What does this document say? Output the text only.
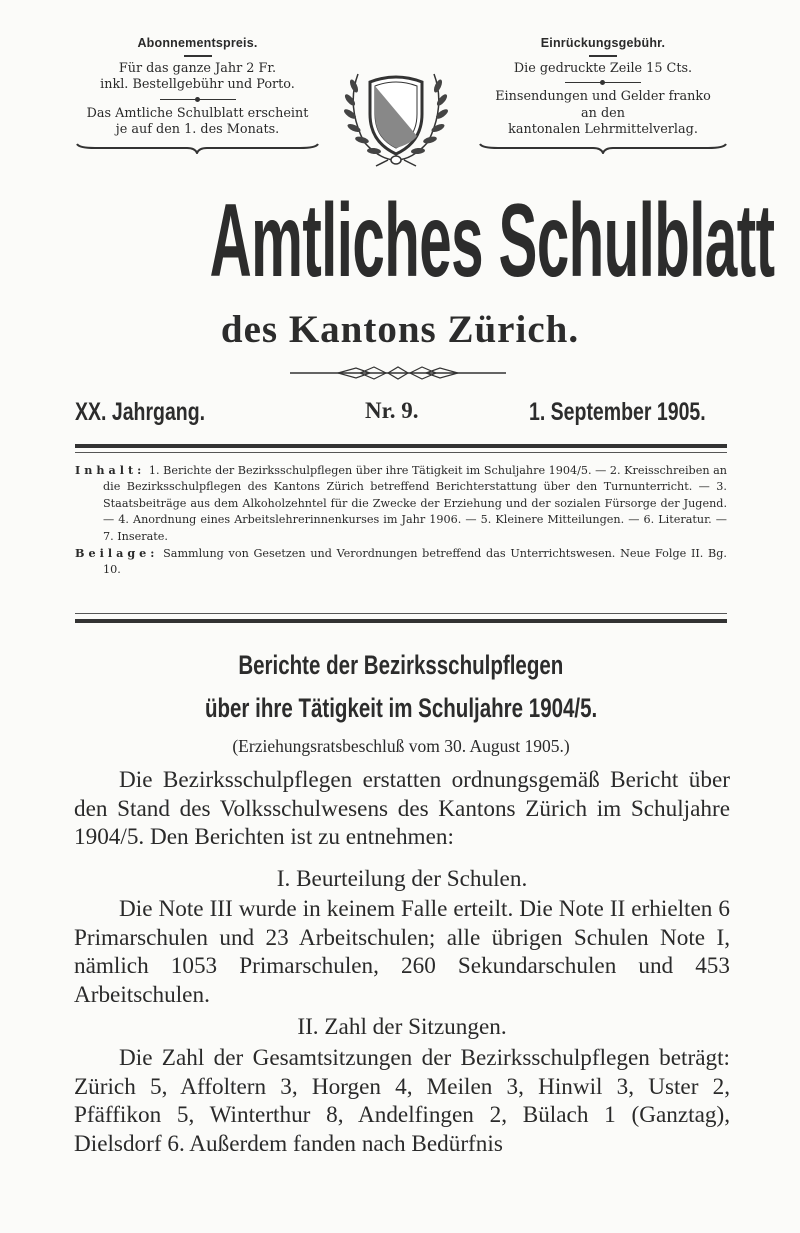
Abonnementspreis.
Für das ganze Jahr 2 Fr.
inkl. Bestellgebühr und Porto.
Das Amtliche Schulblatt erscheint
je auf den 1. des Monats.
Einrückungsgebühr.
Die gedruckte Zeile 15 Cts.
Einsendungen und Gelder franko
an den
kantonalen Lehrmittelverlag.
Amtliches Schulblatt
des Kantons Zürich.
XX. Jahrgang.	Nr. 9.	1. September 1905.

Inhalt: 1. Berichte der Bezirksschulpflegen über ihre Tätigkeit im Schuljahre 1904/5. — 2. Kreisschreiben an die Bezirksschulpflegen des Kantons Zürich betreffend Berichterstattung über den Turnunterricht. — 3. Staatsbeiträge aus dem Alkoholzehntel für die Zwecke der Erziehung und der sozialen Fürsorge der Jugend. — 4. Anordnung eines Arbeitslehrerinnenkurses im Jahr 1906. — 5. Kleinere Mitteilungen. — 6. Literatur. — 7. Inserate.

Beilage: Sammlung von Gesetzen und Verordnungen betreffend das Unterrichtswesen. Neue Folge II. Bg. 10.

Berichte der Bezirksschulpflegen
über ihre Tätigkeit im Schuljahre 1904/5.
(Erziehungsratsbeschluß vom 30. August 1905.)

Die Bezirksschulpflegen erstatten ordnungsgemäß Bericht über den Stand des Volksschulwesens des Kantons Zürich im Schuljahre 1904/5. Den Berichten ist zu entnehmen:

I. Beurteilung der Schulen.

Die Note III wurde in keinem Falle erteilt. Die Note II erhielten 6 Primarschulen und 23 Arbeitschulen; alle übrigen Schulen Note I, nämlich 1053 Primarschulen, 260 Sekundarschulen und 453 Arbeitschulen.

II. Zahl der Sitzungen.

Die Zahl der Gesamtsitzungen der Bezirksschulpflegen beträgt: Zürich 5, Affoltern 3, Horgen 4, Meilen 3, Hinwil 3, Uster 2, Pfäffikon 5, Winterthur 8, Andelfingen 2, Bülach 1 (Ganztag), Dielsdorf 6. Außerdem fanden nach Bedürfnis
